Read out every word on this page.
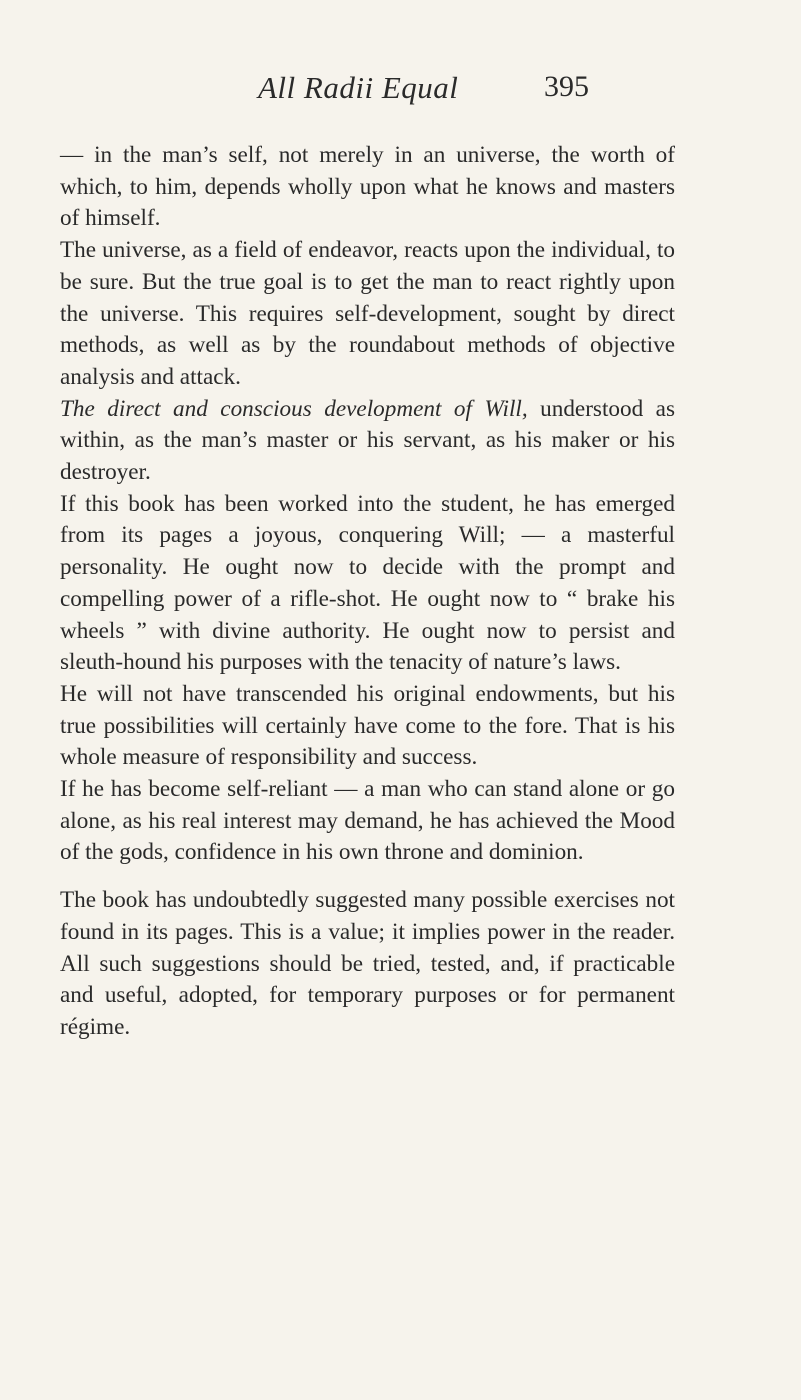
All Radii Equal	395

— in the man’s self, not merely in an universe, the worth of which, to him, depends wholly upon what he knows and masters of himself.

The universe, as a field of endeavor, reacts upon the individual, to be sure. But the true goal is to get the man to react rightly upon the universe. This requires self-development, sought by direct methods, as well as by the roundabout methods of objective analysis and attack.

The direct and conscious development of Will, understood as within, as the man’s master or his servant, as his maker or his destroyer.

If this book has been worked into the student, he has emerged from its pages a joyous, conquering Will; — a masterful personality. He ought now to decide with the prompt and compelling power of a rifle-shot. He ought now to “ brake his wheels ” with divine authority. He ought now to persist and sleuth-hound his purposes with the tenacity of nature’s laws.

He will not have transcended his original endowments, but his true possibilities will certainly have come to the fore. That is his whole measure of responsibility and success.

If he has become self-reliant — a man who can stand alone or go alone, as his real interest may demand, he has achieved the Mood of the gods, confidence in his own throne and dominion.

The book has undoubtedly suggested many possible exercises not found in its pages. This is a value; it implies power in the reader. All such suggestions should be tried, tested, and, if practicable and useful, adopted, for temporary purposes or for permanent régime.
